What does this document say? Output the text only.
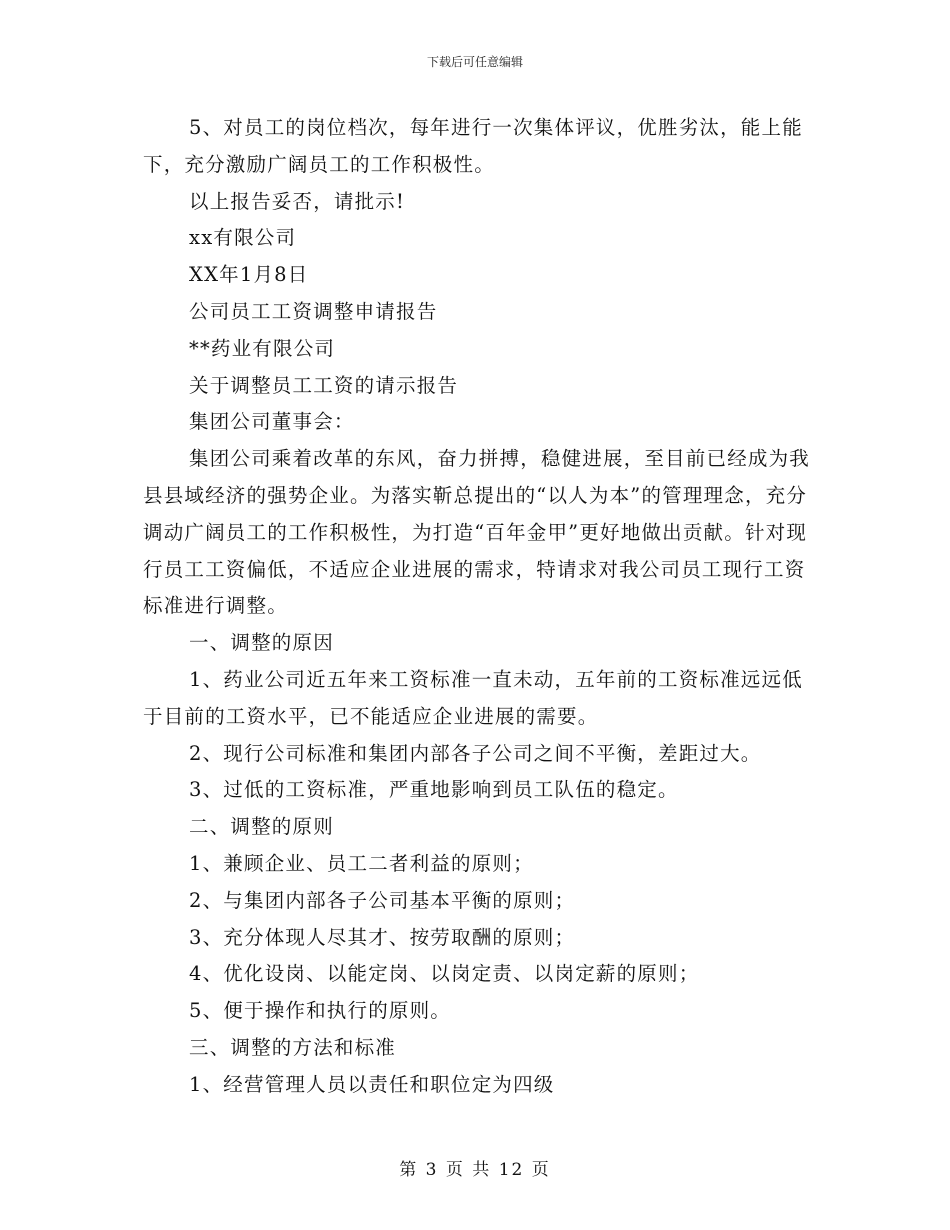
下载后可任意编辑

5、对员工的岗位档次，每年进行一次集体评议，优胜劣汰，能上能下，充分激励广阔员工的工作积极性。

以上报告妥否，请批示!

xx有限公司

XX年1月8日

公司员工工资调整申请报告

**药业有限公司

关于调整员工工资的请示报告

集团公司董事会：

集团公司乘着改革的东风，奋力拼搏，稳健进展，至目前已经成为我县县域经济的强势企业。为落实靳总提出的“以人为本”的管理理念，充分调动广阔员工的工作积极性，为打造“百年金甲”更好地做出贡献。针对现行员工工资偏低，不适应企业进展的需求，特请求对我公司员工现行工资标准进行调整。

一、调整的原因

1、药业公司近五年来工资标准一直未动，五年前的工资标准远远低于目前的工资水平，已不能适应企业进展的需要。

2、现行公司标准和集团内部各子公司之间不平衡，差距过大。

3、过低的工资标准，严重地影响到员工队伍的稳定。

二、调整的原则

1、兼顾企业、员工二者利益的原则；

2、与集团内部各子公司基本平衡的原则；

3、充分体现人尽其才、按劳取酬的原则；

4、优化设岗、以能定岗、以岗定责、以岗定薪的原则；

5、便于操作和执行的原则。

三、调整的方法和标准

1、经营管理人员以责任和职位定为四级

第 3 页 共 12 页
